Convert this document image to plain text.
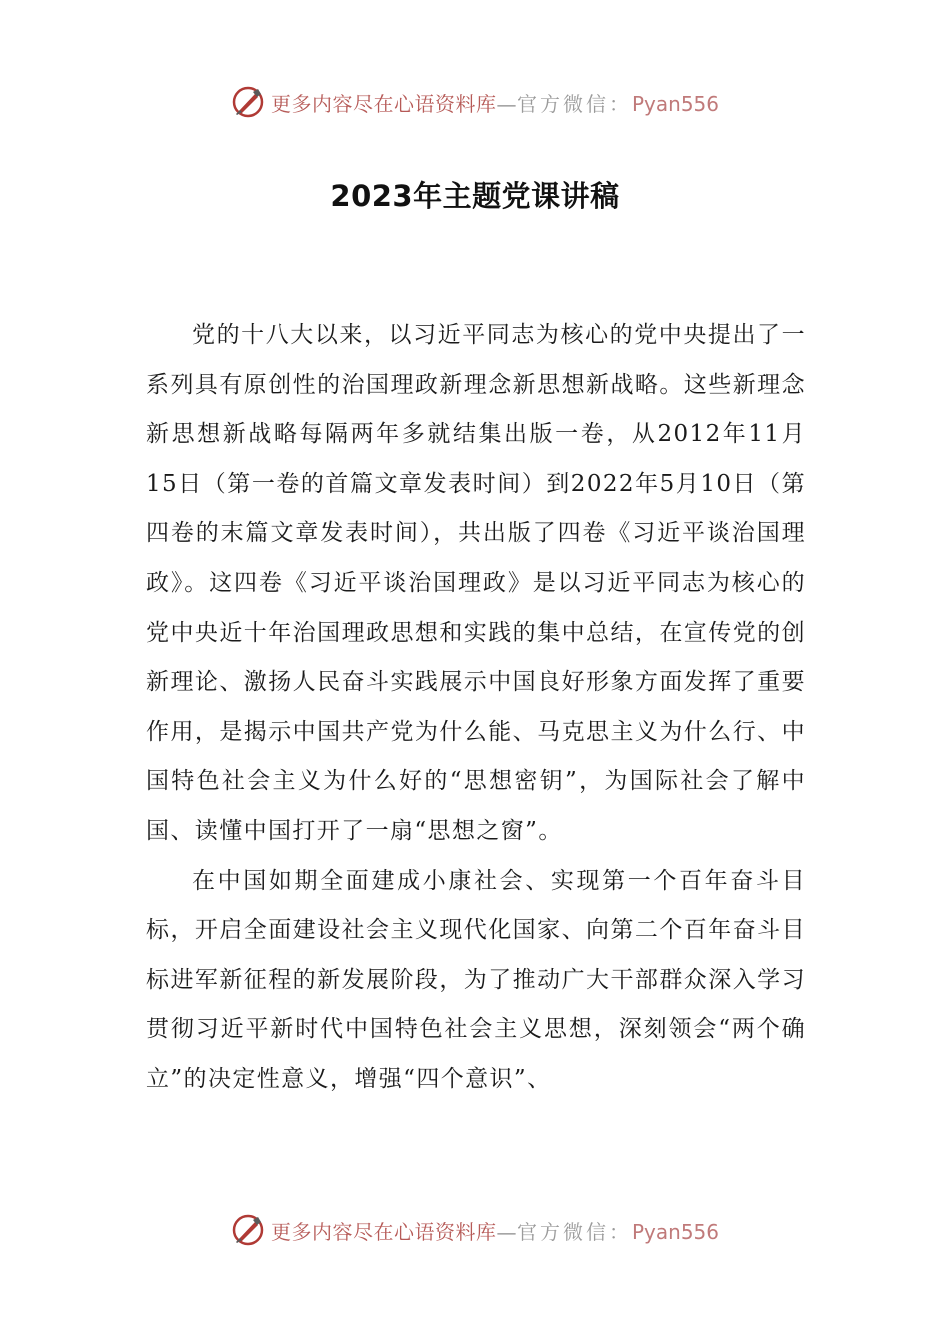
更多内容尽在心语资料库—官方微信：Pyan556
2023年主题党课讲稿

党的十八大以来，以习近平同志为核心的党中央提出了一系列具有原创性的治国理政新理念新思想新战略。这些新理念新思想新战略每隔两年多就结集出版一卷，从2012年11月15日（第一卷的首篇文章发表时间）到2022年5月10日（第四卷的末篇文章发表时间），共出版了四卷《习近平谈治国理政》。这四卷《习近平谈治国理政》是以习近平同志为核心的党中央近十年治国理政思想和实践的集中总结，在宣传党的创新理论、激扬人民奋斗实践展示中国良好形象方面发挥了重要作用，是揭示中国共产党为什么能、马克思主义为什么行、中国特色社会主义为什么好的“思想密钥”，为国际社会了解中国、读懂中国打开了一扇“思想之窗”。

在中国如期全面建成小康社会、实现第一个百年奋斗目标，开启全面建设社会主义现代化国家、向第二个百年奋斗目标进军新征程的新发展阶段，为了推动广大干部群众深入学习贯彻习近平新时代中国特色社会主义思想，深刻领会“两个确立”的决定性意义，增强“四个意识”、

更多内容尽在心语资料库—官方微信：Pyan556
